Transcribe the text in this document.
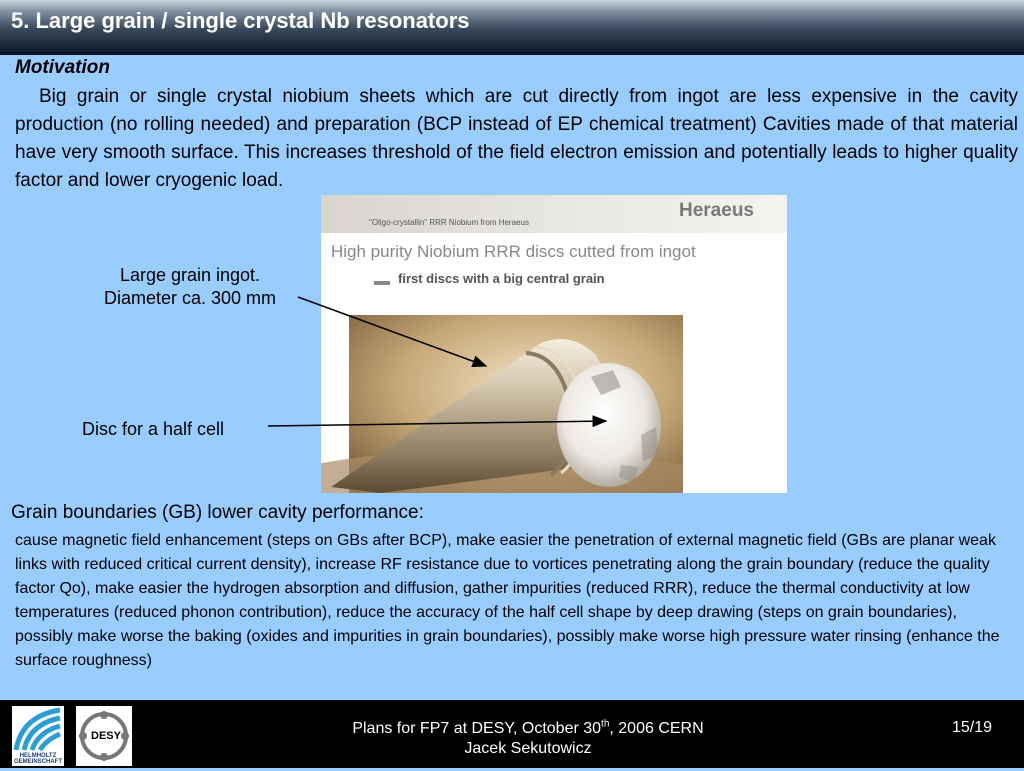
5. Large grain / single crystal Nb resonators
Motivation

Big grain or single crystal niobium sheets which are cut directly from ingot are less expensive in the cavity production (no rolling needed) and preparation (BCP instead of EP chemical treatment) Cavities made of that material have very smooth surface. This increases threshold of the field electron emission and potentially leads to higher quality factor and lower cryogenic load.

"Oligo-crystallin" RRR Niobium from Heraeus
Heraeus
High purity Niobium RRR discs cutted from ingot
first discs with a big central grain
Large grain ingot.
Diameter ca. 300 mm
Disc for a half cell
Grain boundaries (GB) lower cavity performance:

cause magnetic field enhancement (steps on GBs after BCP), make easier the penetration of external magnetic field (GBs are planar weak links with reduced critical current density), increase RF resistance due to vortices penetrating along the grain boundary (reduce the quality factor Qo), make easier the hydrogen absorption and diffusion, gather impurities (reduced RRR), reduce the thermal conductivity at low temperatures (reduced phonon contribution), reduce the accuracy of the half cell shape by deep drawing (steps on grain boundaries), possibly make worse the baking (oxides and impurities in grain boundaries), possibly make worse high pressure water rinsing (enhance the surface roughness)

HELMHOLTZ GEMEINSCHAFT
DESY	Plans for FP7 at DESY, October 30th, 2006 CERN
Jacek Sekutowicz
15/19
